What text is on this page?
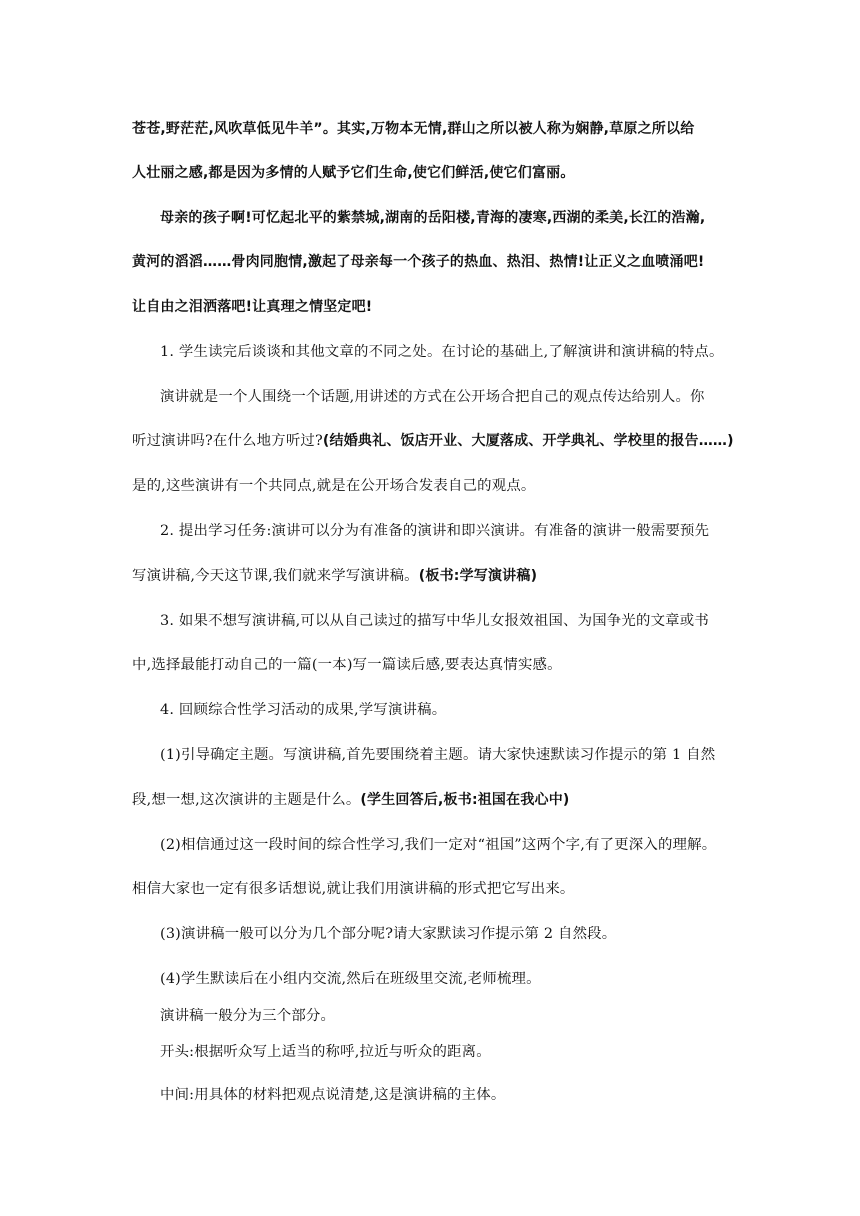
苍苍,野茫茫,风吹草低见牛羊”。其实,万物本无情,群山之所以被人称为娴静,草原之所以给
人壮丽之感,都是因为多情的人赋予它们生命,使它们鲜活,使它们富丽。
母亲的孩子啊!可忆起北平的紫禁城,湖南的岳阳楼,青海的凄寒,西湖的柔美,长江的浩瀚,
黄河的滔滔……骨肉同胞情,激起了母亲每一个孩子的热血、热泪、热情!让正义之血喷涌吧!
让自由之泪洒落吧!让真理之情坚定吧!
1. 学生读完后谈谈和其他文章的不同之处。在讨论的基础上,了解演讲和演讲稿的特点。
演讲就是一个人围绕一个话题,用讲述的方式在公开场合把自己的观点传达给别人。你
听过演讲吗?在什么地方听过?(结婚典礼、饭店开业、大厦落成、开学典礼、学校里的报告……)
是的,这些演讲有一个共同点,就是在公开场合发表自己的观点。
2. 提出学习任务:演讲可以分为有准备的演讲和即兴演讲。有准备的演讲一般需要预先
写演讲稿,今天这节课,我们就来学写演讲稿。(板书:学写演讲稿)
3. 如果不想写演讲稿,可以从自己读过的描写中华儿女报效祖国、为国争光的文章或书
中,选择最能打动自己的一篇(一本)写一篇读后感,要表达真情实感。
4. 回顾综合性学习活动的成果,学写演讲稿。
(1)引导确定主题。写演讲稿,首先要围绕着主题。请大家快速默读习作提示的第 1 自然
段,想一想,这次演讲的主题是什么。(学生回答后,板书:祖国在我心中)
(2)相信通过这一段时间的综合性学习,我们一定对“祖国”这两个字,有了更深入的理解。
相信大家也一定有很多话想说,就让我们用演讲稿的形式把它写出来。
(3)演讲稿一般可以分为几个部分呢?请大家默读习作提示第 2 自然段。
(4)学生默读后在小组内交流,然后在班级里交流,老师梳理。
演讲稿一般分为三个部分。
开头:根据听众写上适当的称呼,拉近与听众的距离。
中间:用具体的材料把观点说清楚,这是演讲稿的主体。
